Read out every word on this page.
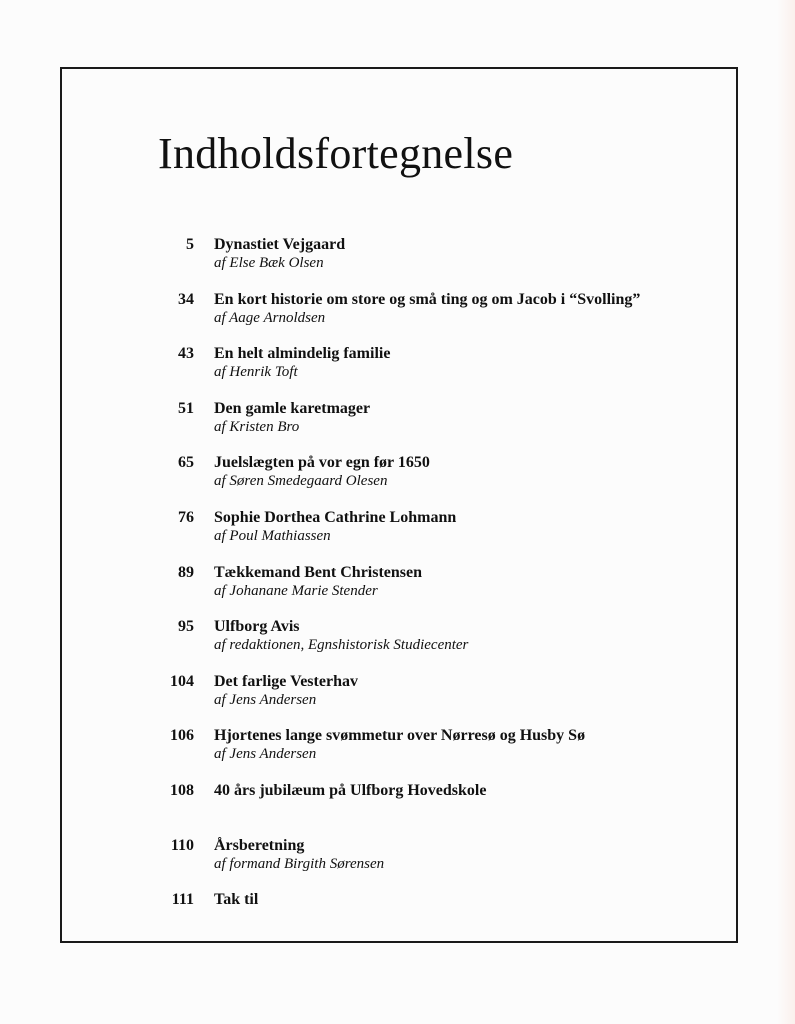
Indholdsfortegnelse
5 Dynastiet Vejgaard
af Else Bæk Olsen
34 En kort historie om store og små ting og om Jacob i “Svolling”
af Aage Arnoldsen
43 En helt almindelig familie
af Henrik Toft
51 Den gamle karetmager
af Kristen Bro
65 Juelslægten på vor egn før 1650
af Søren Smedegaard Olesen
76 Sophie Dorthea Cathrine Lohmann
af Poul Mathiassen
89 Tækkemand Bent Christensen
af Johanane Marie Stender
95 Ulfborg Avis
af redaktionen, Egnshistorisk Studiecenter
104 Det farlige Vesterhav
af Jens Andersen
106 Hjortenes lange svømmetur over Nørresø og Husby Sø
af Jens Andersen
108 40 års jubilæum på Ulfborg Hovedskole
110 Årsberetning
af formand Birgith Sørensen
111 Tak til
